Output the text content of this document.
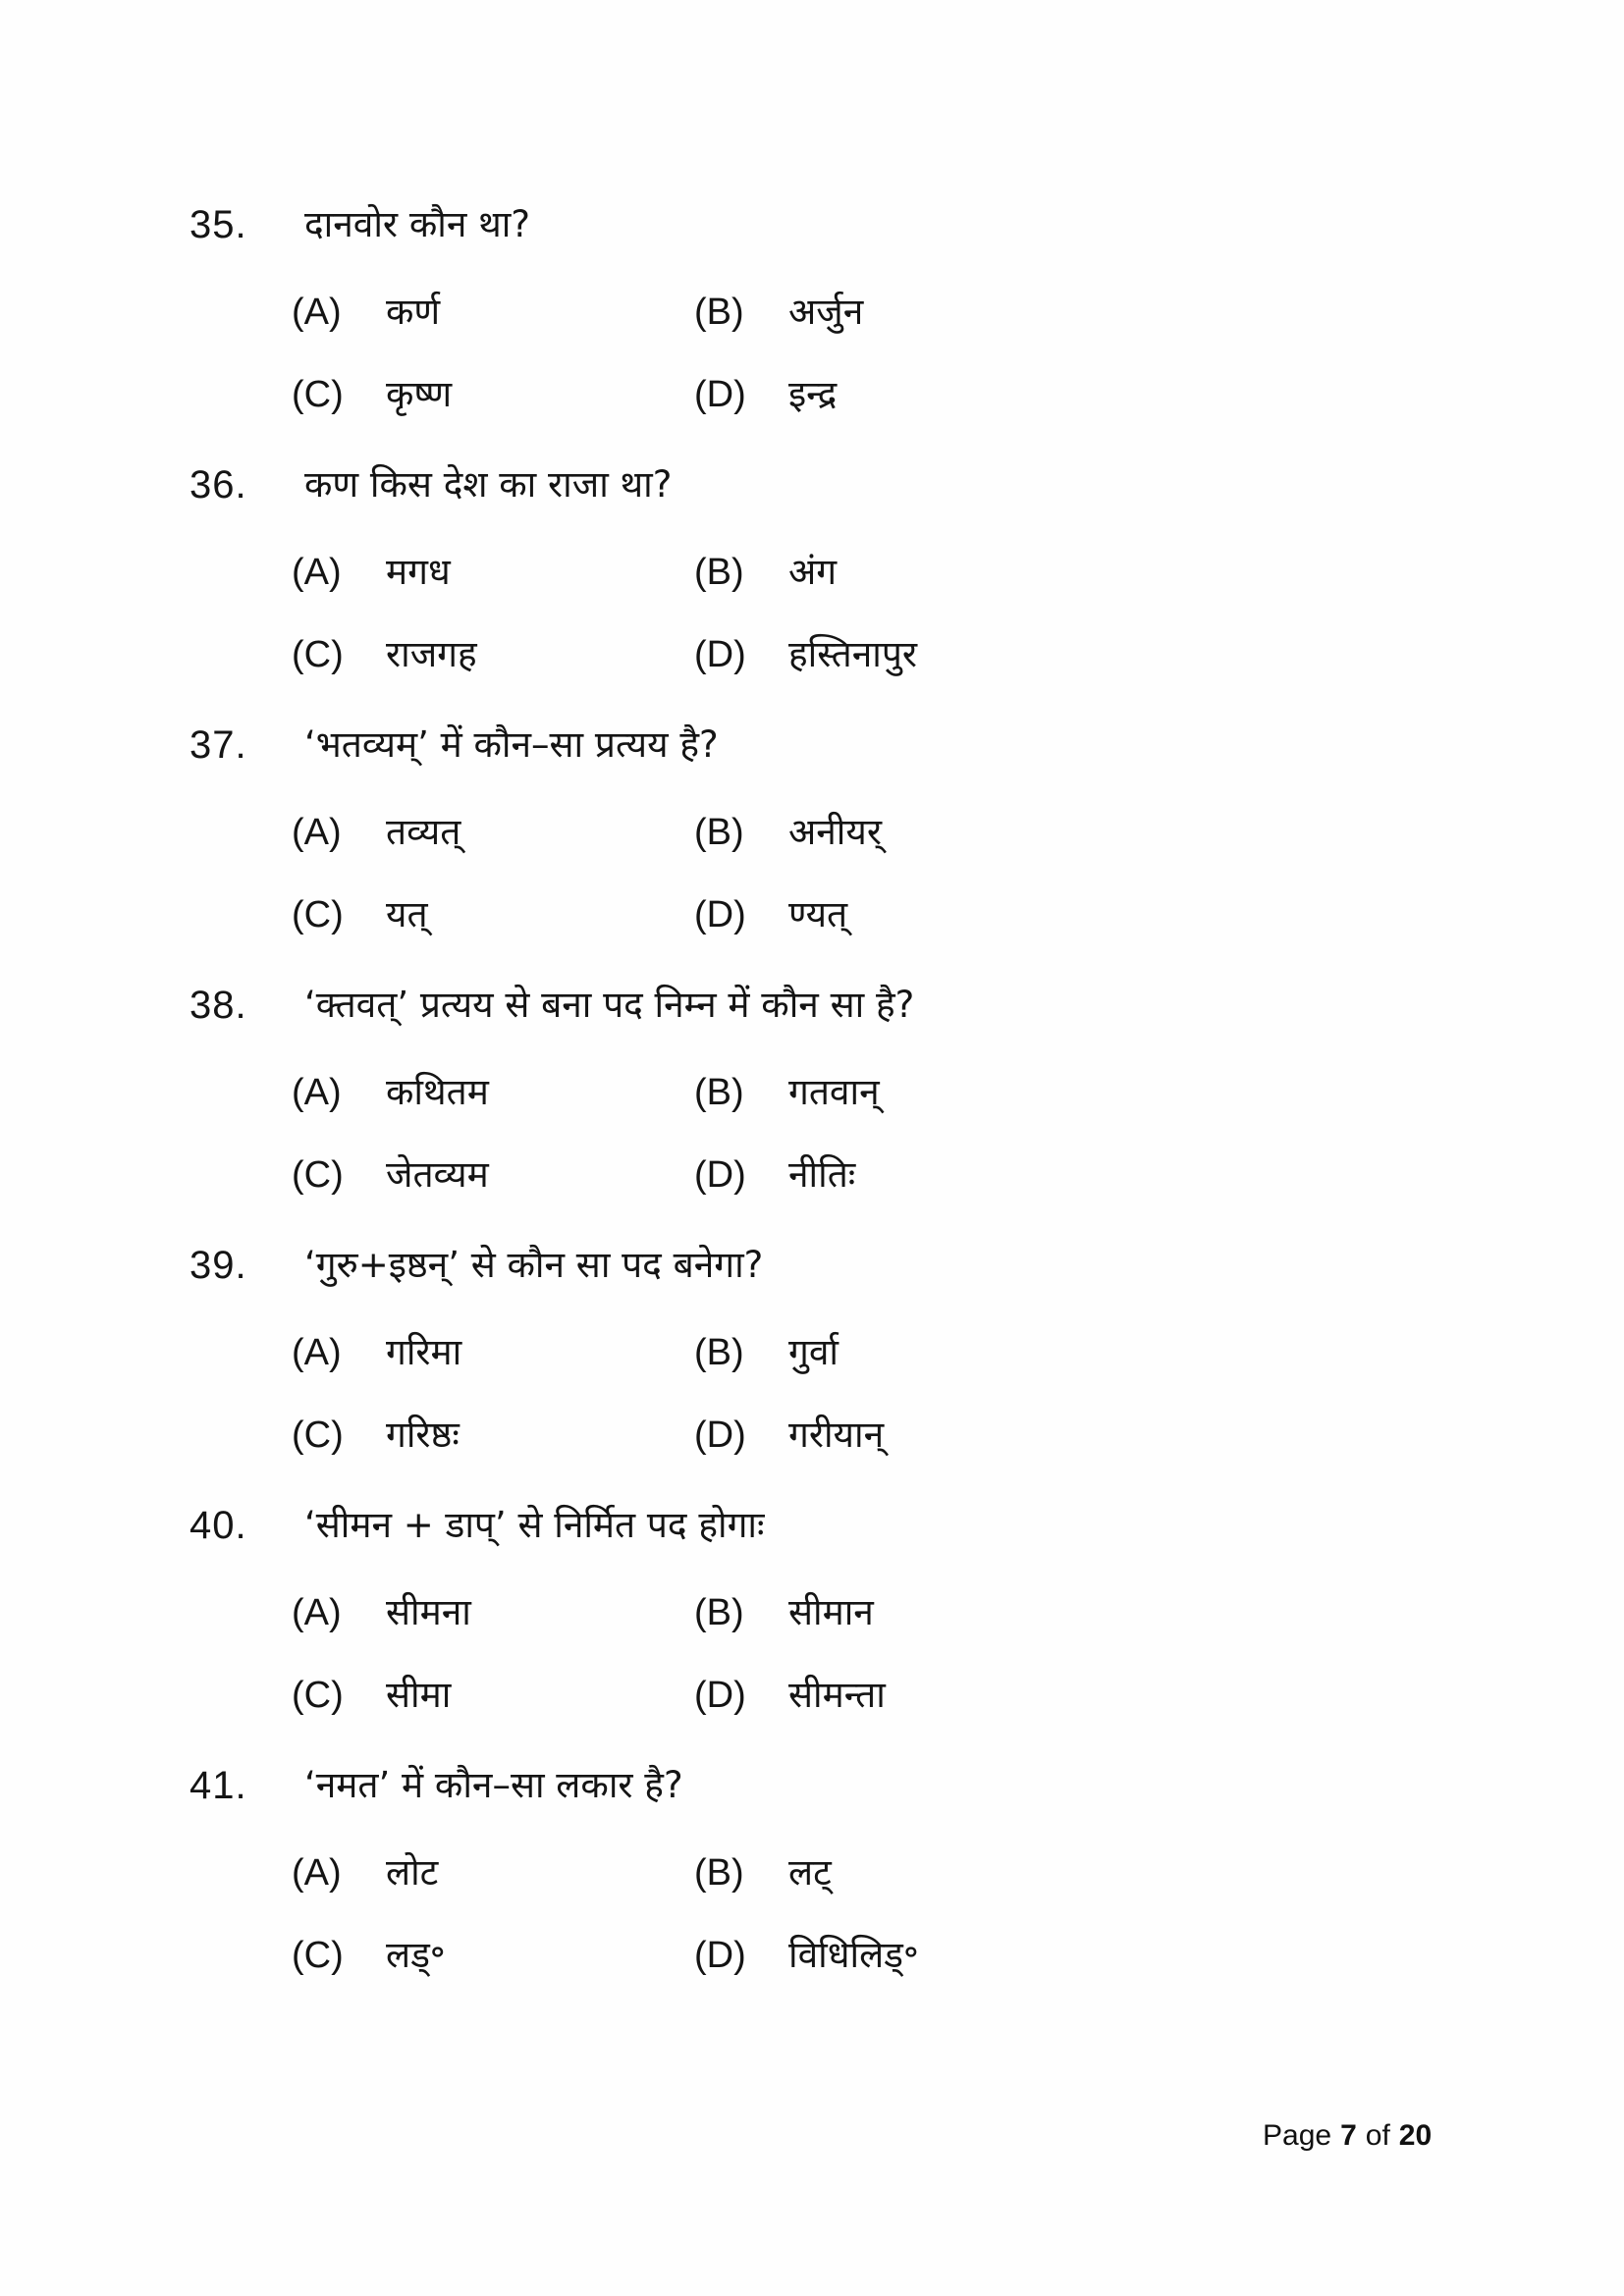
35.	दानवोर कौन था?
(A)	कर्ण	(B)	अर्जुन
(C)	कृष्ण	(D)	इन्द्र
36.	कण किस देश का राजा था?
(A)	मगध	(B)	अंग
(C)	राजगह	(D)	हस्तिनापुर
37.	‘भतव्यम्’ में कौन–सा प्रत्यय है?
(A)	तव्यत्	(B)	अनीयर्
(C)	यत्	(D)	ण्यत्
38.	‘क्तवत्’ प्रत्यय से बना पद निम्न में कौन सा है?
(A)	कथितम	(B)	गतवान्
(C)	जेतव्यम	(D)	नीतिः
39.	‘गुरु+इष्ठन्’ से कौन सा पद बनेगा?
(A)	गरिमा	(B)	गुर्वा
(C)	गरिष्ठः	(D)	गरीयान्
40.	‘सीमन + डाप्’ से निर्मित पद होगाः
(A)	सीमना	(B)	सीमान
(C)	सीमा	(D)	सीमन्ता
41.	‘नमत’ में कौन–सा लकार है?
(A)	लोट	(B)	लट्
(C)	लड्॰	(D)	विधिलिड्॰
Page 7 of 20
